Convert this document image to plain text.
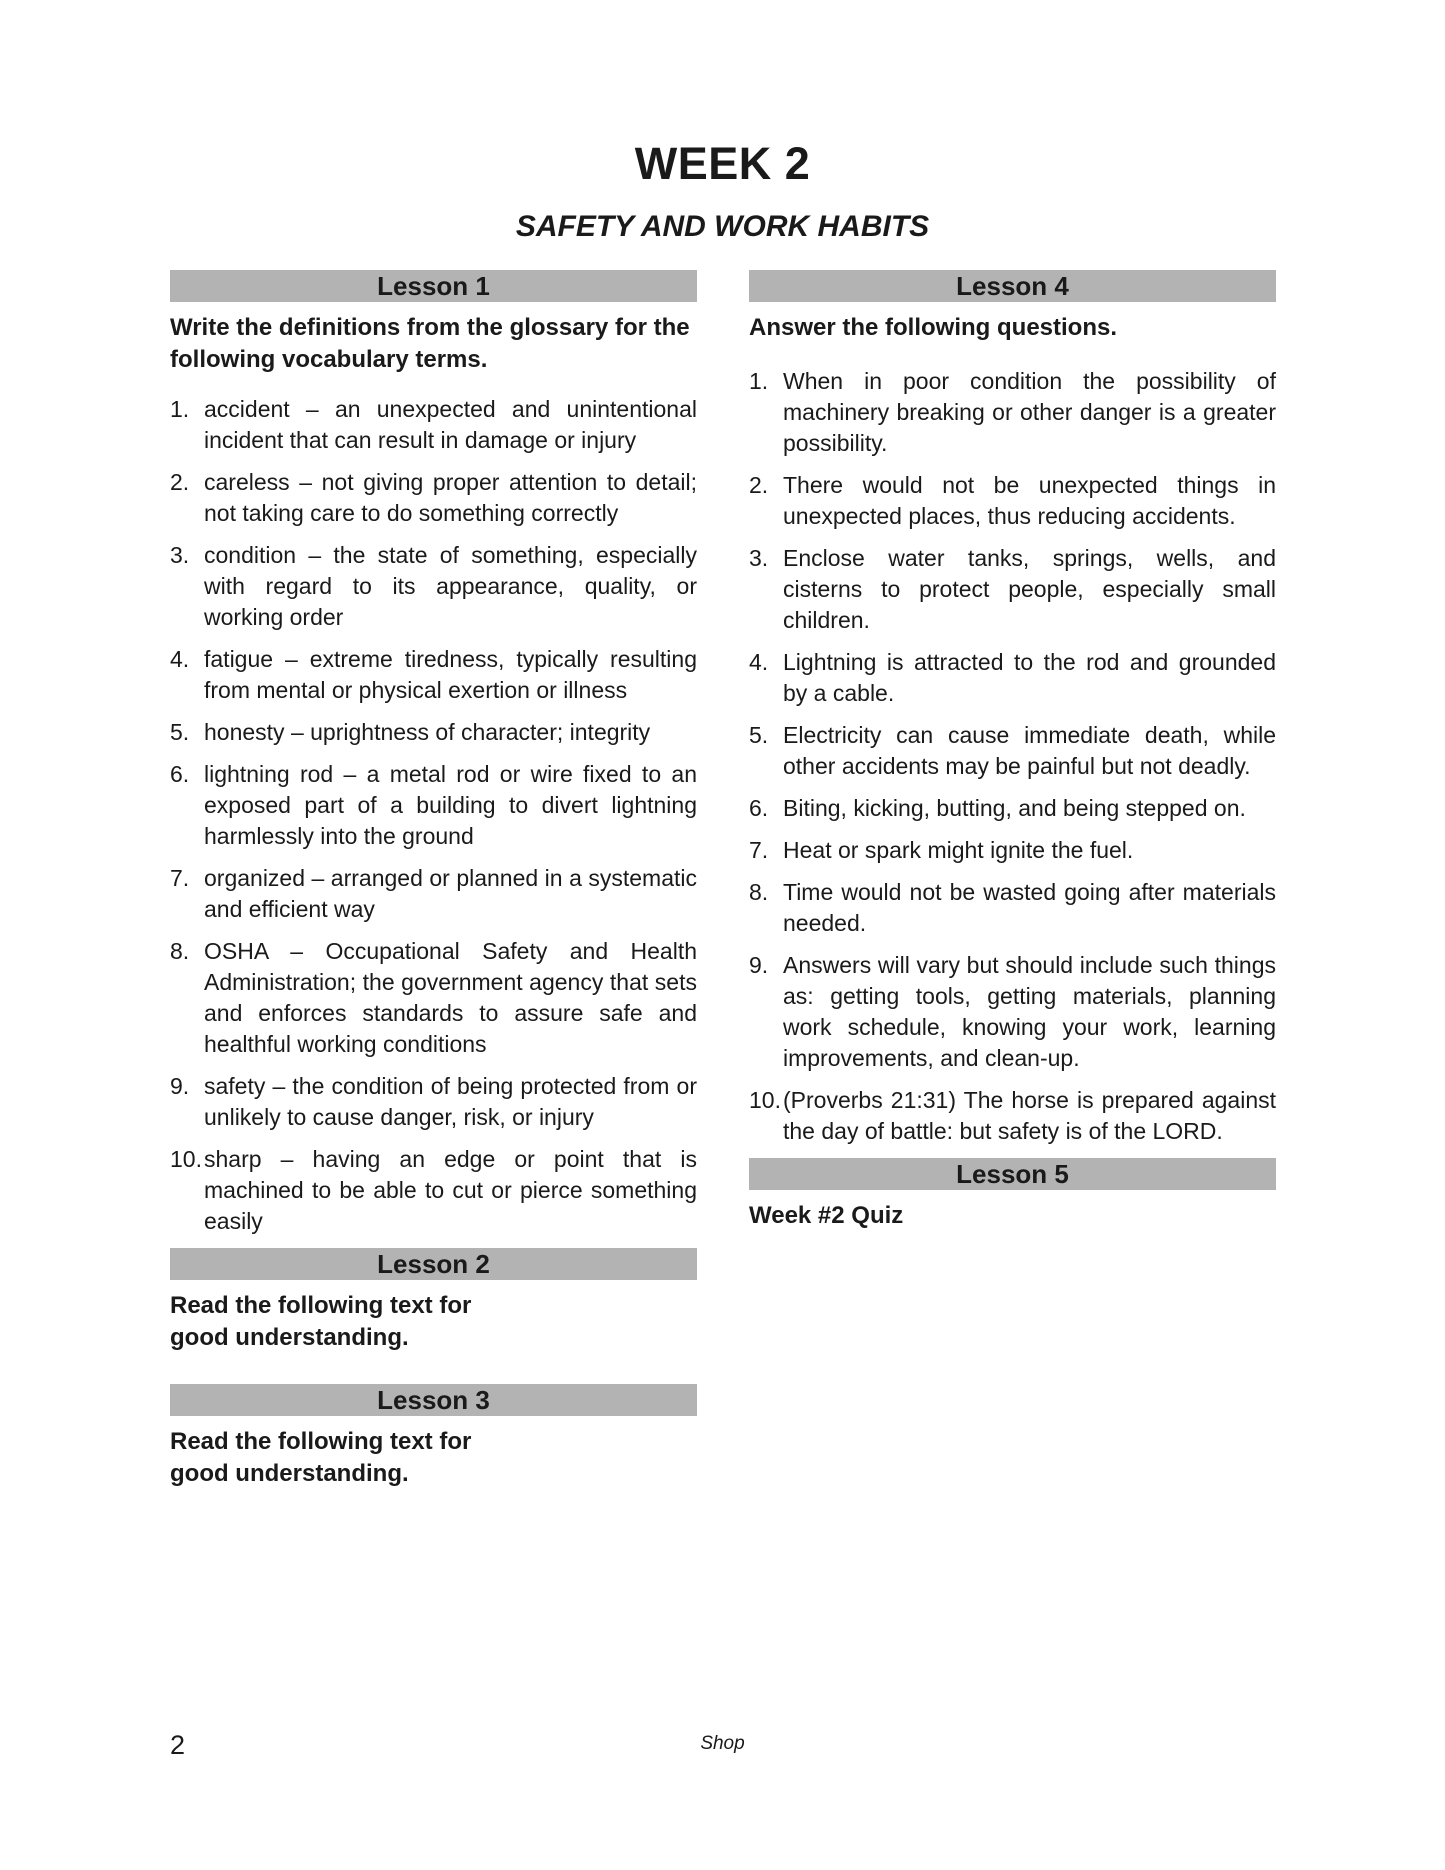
WEEK 2
SAFETY AND WORK HABITS
Lesson 1
Write the definitions from the glossary for the following vocabulary terms.
1. accident – an unexpected and unintentional incident that can result in damage or injury
2. careless – not giving proper attention to detail; not taking care to do something correctly
3. condition – the state of something, especially with regard to its appearance, quality, or working order
4. fatigue – extreme tiredness, typically resulting from mental or physical exertion or illness
5. honesty – uprightness of character; integrity
6. lightning rod – a metal rod or wire fixed to an exposed part of a building to divert lightning harmlessly into the ground
7. organized – arranged or planned in a systematic and efficient way
8. OSHA – Occupational Safety and Health Administration; the government agency that sets and enforces standards to assure safe and healthful working conditions
9. safety – the condition of being protected from or unlikely to cause danger, risk, or injury
10. sharp – having an edge or point that is machined to be able to cut or pierce something easily
Lesson 2
Read the following text for good understanding.
Lesson 3
Read the following text for good understanding.
Lesson 4
Answer the following questions.
1. When in poor condition the possibility of machinery breaking or other danger is a greater possibility.
2. There would not be unexpected things in unexpected places, thus reducing accidents.
3. Enclose water tanks, springs, wells, and cisterns to protect people, especially small children.
4. Lightning is attracted to the rod and grounded by a cable.
5. Electricity can cause immediate death, while other accidents may be painful but not deadly.
6. Biting, kicking, butting, and being stepped on.
7. Heat or spark might ignite the fuel.
8. Time would not be wasted going after materials needed.
9. Answers will vary but should include such things as: getting tools, getting materials, planning work schedule, knowing your work, learning improvements, and clean-up.
10. (Proverbs 21:31) The horse is prepared against the day of battle: but safety is of the LORD.
Lesson 5
Week #2 Quiz
2	Shop
